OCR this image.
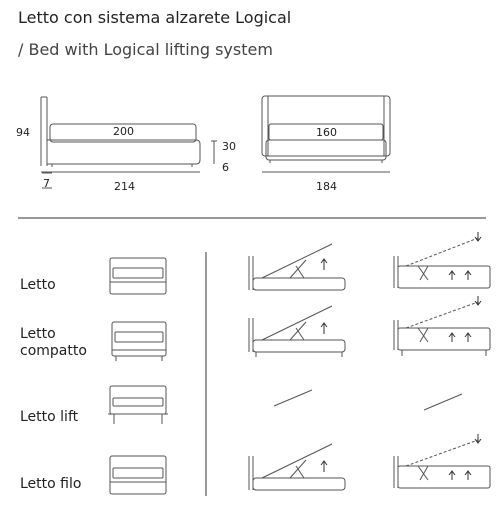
Letto con sistema alzarete Logical
/ Bed with Logical lifting system
94	200
214
7
30
6
160
184
Letto
Letto compatto
Letto lift
Letto filo
